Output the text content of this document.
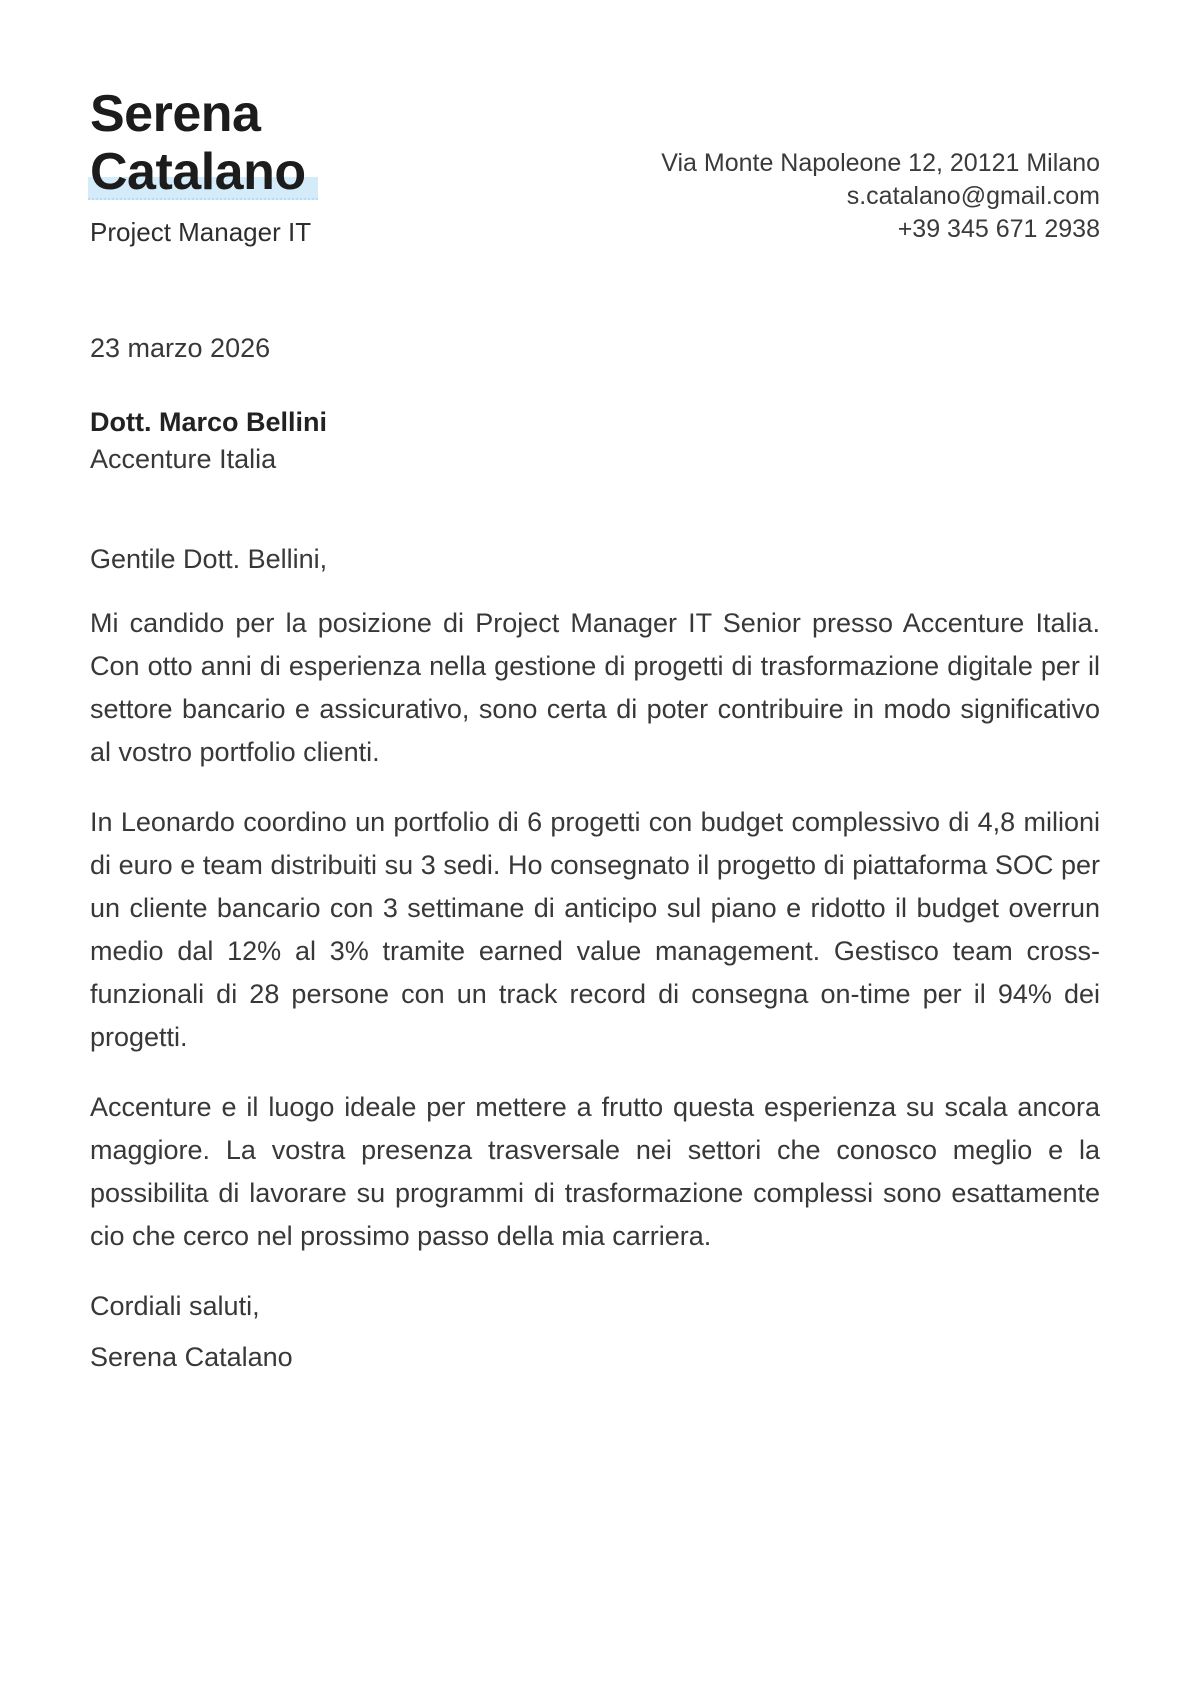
Serena
Catalano
Project Manager IT
Via Monte Napoleone 12, 20121 Milano
s.catalano@gmail.com
+39 345 671 2938
23 marzo 2026
Dott. Marco Bellini
Accenture Italia
Gentile Dott. Bellini,

Mi candido per la posizione di Project Manager IT Senior presso Accenture Italia. Con otto anni di esperienza nella gestione di progetti di trasformazione digitale per il settore bancario e assicurativo, sono certa di poter contribuire in modo significativo al vostro portfolio clienti.

In Leonardo coordino un portfolio di 6 progetti con budget complessivo di 4,8 milioni di euro e team distribuiti su 3 sedi. Ho consegnato il progetto di piattaforma SOC per un cliente bancario con 3 settimane di anticipo sul piano e ridotto il budget overrun medio dal 12% al 3% tramite earned value management. Gestisco team cross-funzionali di 28 persone con un track record di consegna on-time per il 94% dei progetti.

Accenture e il luogo ideale per mettere a frutto questa esperienza su scala ancora maggiore. La vostra presenza trasversale nei settori che conosco meglio e la possibilita di lavorare su programmi di trasformazione complessi sono esattamente cio che cerco nel prossimo passo della mia carriera.

Cordiali saluti,
Serena Catalano
